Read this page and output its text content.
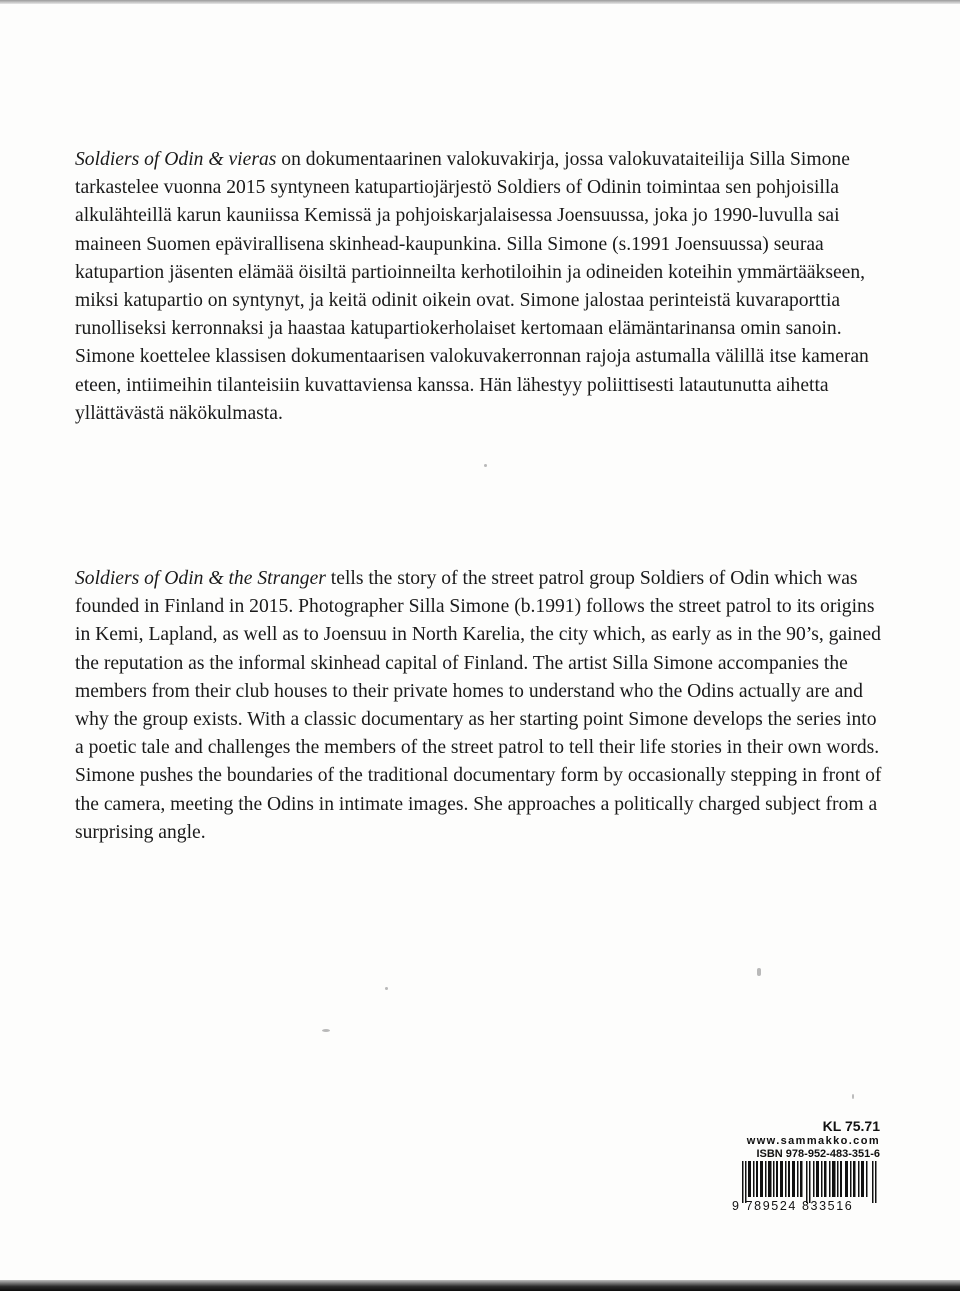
Soldiers of Odin & vieras on dokumentaarinen valokuvakirja, jossa valokuvataiteilija Silla Simone tarkastelee vuonna 2015 syntyneen katupartiojärjestö Soldiers of Odinin toimintaa sen pohjoisilla alkulähteillä karun kauniissa Kemissä ja pohjoiskarjalaisessa Joensuussa, joka jo 1990-luvulla sai maineen Suomen epävirallisena skinhead-kaupunkina. Silla Simone (s.1991 Joensuussa) seuraa katupartion jäsenten elämää öisiltä partioinneilta kerhotiloihin ja odineiden koteihin ymmärtääkseen, miksi katupartio on syntynyt, ja keitä odinit oikein ovat. Simone jalostaa perinteistä kuvaraporttia runolliseksi kerronnaksi ja haastaa katupartiokerholaiset kertomaan elämäntarinansa omin sanoin. Simone koettelee klassisen dokumentaarisen valokuvakerronnan rajoja astumalla välillä itse kameran eteen, intiimeihin tilanteisiin kuvattaviensa kanssa. Hän lähestyy poliittisesti latautunutta aihetta yllättävästä näkökulmasta.

Soldiers of Odin & the Stranger tells the story of the street patrol group Soldiers of Odin which was founded in Finland in 2015. Photographer Silla Simone (b.1991) follows the street patrol to its origins in Kemi, Lapland, as well as to Joensuu in North Karelia, the city which, as early as in the 90’s, gained the reputation as the informal skinhead capital of Finland. The artist Silla Simone accompanies the members from their club houses to their private homes to understand who the Odins actually are and why the group exists. With a classic documentary as her starting point Simone develops the series into a poetic tale and challenges the members of the street patrol to tell their life stories in their own words. Simone pushes the boundaries of the traditional documentary form by occasionally stepping in front of the camera, meeting the Odins in intimate images. She approaches a politically charged subject from a surprising angle.

KL 75.71
www.sammakko.com
ISBN 978-952-483-351-6
9 789524 833516
